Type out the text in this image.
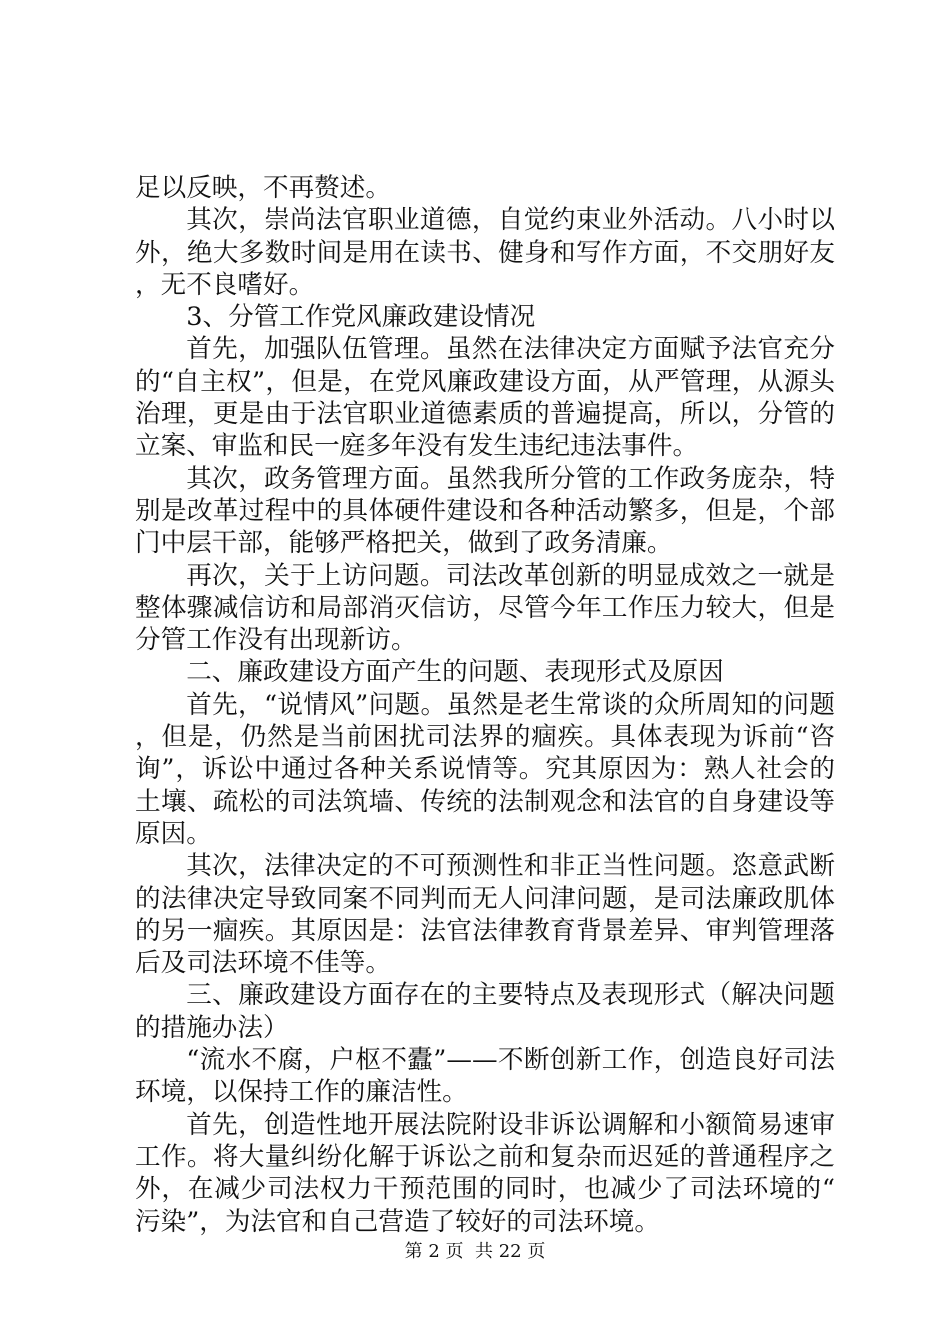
足以反映，不再赘述。

其次，崇尚法官职业道德，自觉约束业外活动。八小时以外，绝大多数时间是用在读书、健身和写作方面，不交朋好友，无不良嗜好。

3、分管工作党风廉政建设情况

首先，加强队伍管理。虽然在法律决定方面赋予法官充分的“自主权”，但是，在党风廉政建设方面，从严管理，从源头治理，更是由于法官职业道德素质的普遍提高，所以，分管的立案、审监和民一庭多年没有发生违纪违法事件。

其次，政务管理方面。虽然我所分管的工作政务庞杂，特别是改革过程中的具体硬件建设和各种活动繁多，但是，个部门中层干部，能够严格把关，做到了政务清廉。

再次，关于上访问题。司法改革创新的明显成效之一就是整体骤减信访和局部消灭信访，尽管今年工作压力较大，但是分管工作没有出现新访。

二、廉政建设方面产生的问题、表现形式及原因

首先，“说情风”问题。虽然是老生常谈的众所周知的问题，但是，仍然是当前困扰司法界的痼疾。具体表现为诉前“咨询”，诉讼中通过各种关系说情等。究其原因为：熟人社会的土壤、疏松的司法筑墙、传统的法制观念和法官的自身建设等原因。

其次，法律决定的不可预测性和非正当性问题。恣意武断的法律决定导致同案不同判而无人问津问题，是司法廉政肌体的另一痼疾。其原因是：法官法律教育背景差异、审判管理落后及司法环境不佳等。

三、廉政建设方面存在的主要特点及表现形式（解决问题的措施办法）

“流水不腐，户枢不蠹”——不断创新工作，创造良好司法环境，以保持工作的廉洁性。

首先，创造性地开展法院附设非诉讼调解和小额简易速审工作。将大量纠纷化解于诉讼之前和复杂而迟延的普通程序之外，在减少司法权力干预范围的同时，也减少了司法环境的“污染”，为法官和自己营造了较好的司法环境。

第 2 页  共 22 页
